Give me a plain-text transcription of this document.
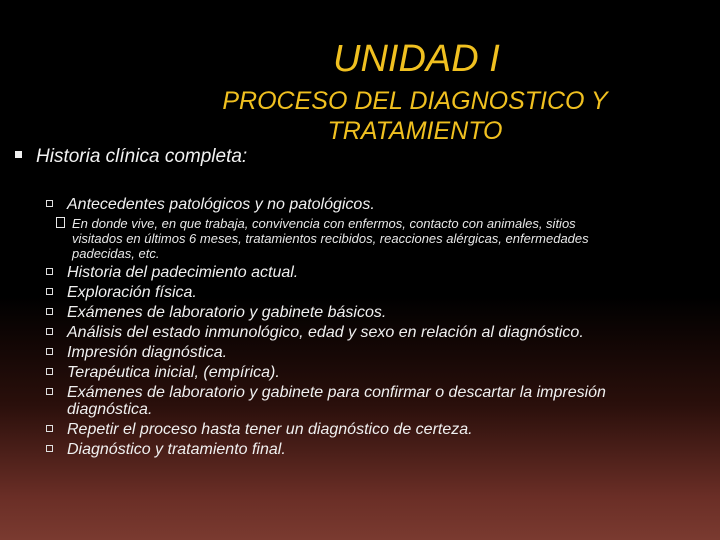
UNIDAD I
PROCESO DEL DIAGNOSTICO Y TRATAMIENTO
Historia clínica completa:
Antecedentes patológicos y no patológicos.
En donde vive, en que trabaja, convivencia con enfermos, contacto con animales, sitios visitados en últimos 6 meses, tratamientos recibidos, reacciones alérgicas, enfermedades padecidas, etc.
Historia del padecimiento actual.
Exploración física.
Exámenes de laboratorio y gabinete básicos.
Análisis del estado inmunológico, edad y sexo en relación al diagnóstico.
Impresión diagnóstica.
Terapéutica inicial, (empírica).
Exámenes de laboratorio y gabinete para confirmar o descartar la impresión diagnóstica.
Repetir el proceso hasta tener un diagnóstico de certeza.
Diagnóstico y tratamiento final.
